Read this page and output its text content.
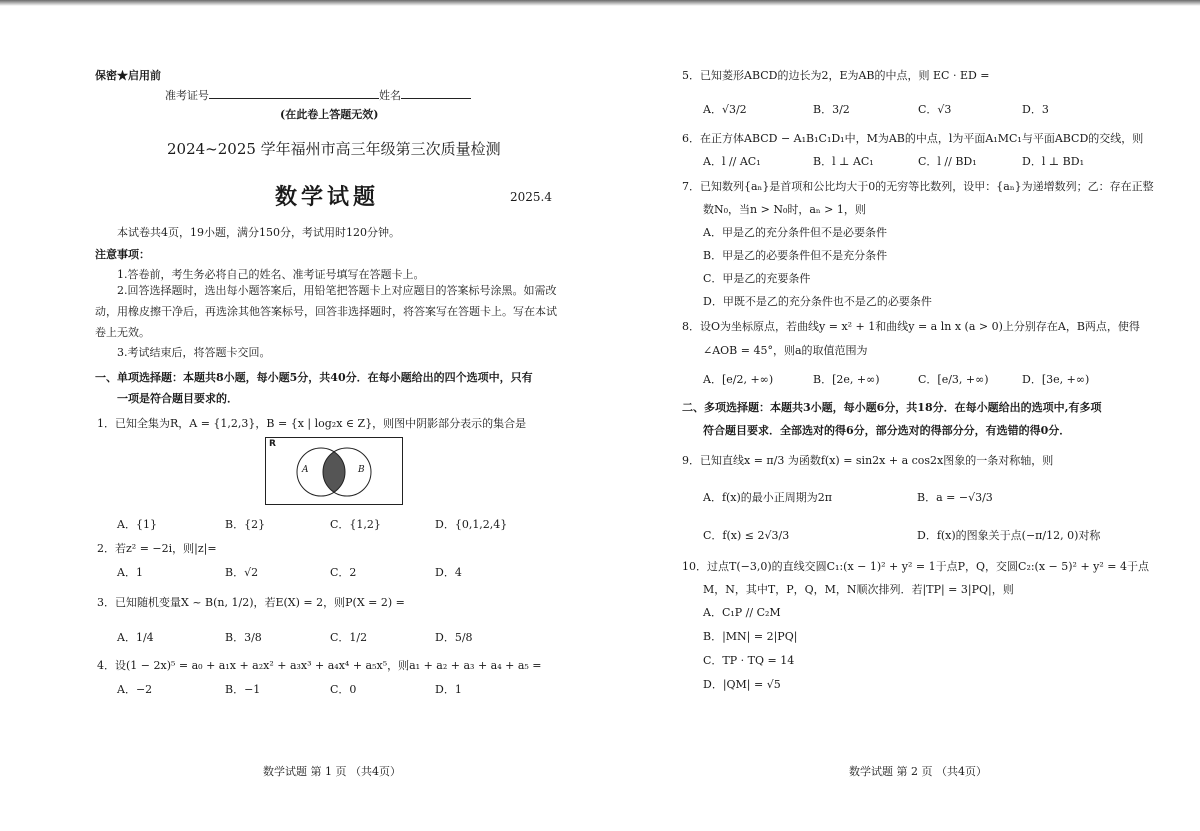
保密★启用前
准考证号	姓名
(在此卷上答题无效)
2024~2025 学年福州市高三年级第三次质量检测
数学试题	2025.4
本试卷共4页，19小题，满分150分，考试用时120分钟。
注意事项：
1.答卷前，考生务必将自己的姓名、准考证号填写在答题卡上。
2.回答选择题时，选出每小题答案后，用铅笔把答题卡上对应题目的答案标号涂黑。如需改动，用橡皮擦干净后，再选涂其他答案标号，回答非选择题时，将答案写在答题卡上。写在本试卷上无效。
3.考试结束后，将答题卡交回。
一、单项选择题：本题共8小题，每小题5分，共40分．在每小题给出的四个选项中，只有
一项是符合题目要求的．
1．已知全集为R，A = {1,2,3}，B = {x | log₂x ∈ Z}，则图中阴影部分表示的集合是
R
A	B
A．{1}	B．{2}	C．{1,2}	D．{0,1,2,4}
2．若z² = −2i，则|z|=
A．1	B．√2	C．2	D．4
3．已知随机变量X ~ B(n, 1/2)，若E(X) = 2，则P(X = 2) =
A．1/4	B．3/8	C．1/2	D．5/8
4．设(1 − 2x)⁵ = a₀ + a₁x + a₂x² + a₃x³ + a₄x⁴ + a₅x⁵，则a₁ + a₂ + a₃ + a₄ + a₅ =
A．−2	B．−1	C．0	D．1
数学试题 第 1 页 （共4页）
5．已知菱形ABCD的边长为2，E为AB的中点，则 EC · ED =
A．√3/2	B．3/2	C．√3	D．3
6．在正方体ABCD − A₁B₁C₁D₁中，M为AB的中点，l为平面A₁MC₁与平面ABCD的交线，则
A．l // AC₁	B．l ⊥ AC₁	C．l // BD₁	D．l ⊥ BD₁
7．已知数列{aₙ}是首项和公比均大于0的无穷等比数列，设甲：{aₙ}为递增数列；乙：存在正整
数N₀，当n > N₀时，aₙ > 1，则
A．甲是乙的充分条件但不是必要条件
B．甲是乙的必要条件但不是充分条件
C．甲是乙的充要条件
D．甲既不是乙的充分条件也不是乙的必要条件
8．设O为坐标原点，若曲线y = x² + 1和曲线y = a ln x (a > 0)上分别存在A，B两点，使得
∠AOB = 45°，则a的取值范围为
A．[e/2, +∞)	B．[2e, +∞)	C．[e/3, +∞)	D．[3e, +∞)
二、多项选择题：本题共3小题，每小题6分，共18分．在每小题给出的选项中,有多项
符合题目要求．全部选对的得6分，部分选对的得部分分，有选错的得0分．
9．已知直线x = π/3 为函数f(x) = sin2x + a cos2x图象的一条对称轴，则
A．f(x)的最小正周期为2π	B．a = −√3/3
C．f(x) ≤ 2√3/3	D．f(x)的图象关于点(−π/12, 0)对称
10．过点T(−3,0)的直线交圆C₁:(x − 1)² + y² = 1于点P，Q，交圆C₂:(x − 5)² + y² = 4于点
M，N，其中T，P，Q，M，N顺次排列．若|TP| = 3|PQ|，则
A．C₁P // C₂M
B．|MN| = 2|PQ|
C．TP · TQ = 14
D．|QM| = √5
数学试题 第 2 页 （共4页）
